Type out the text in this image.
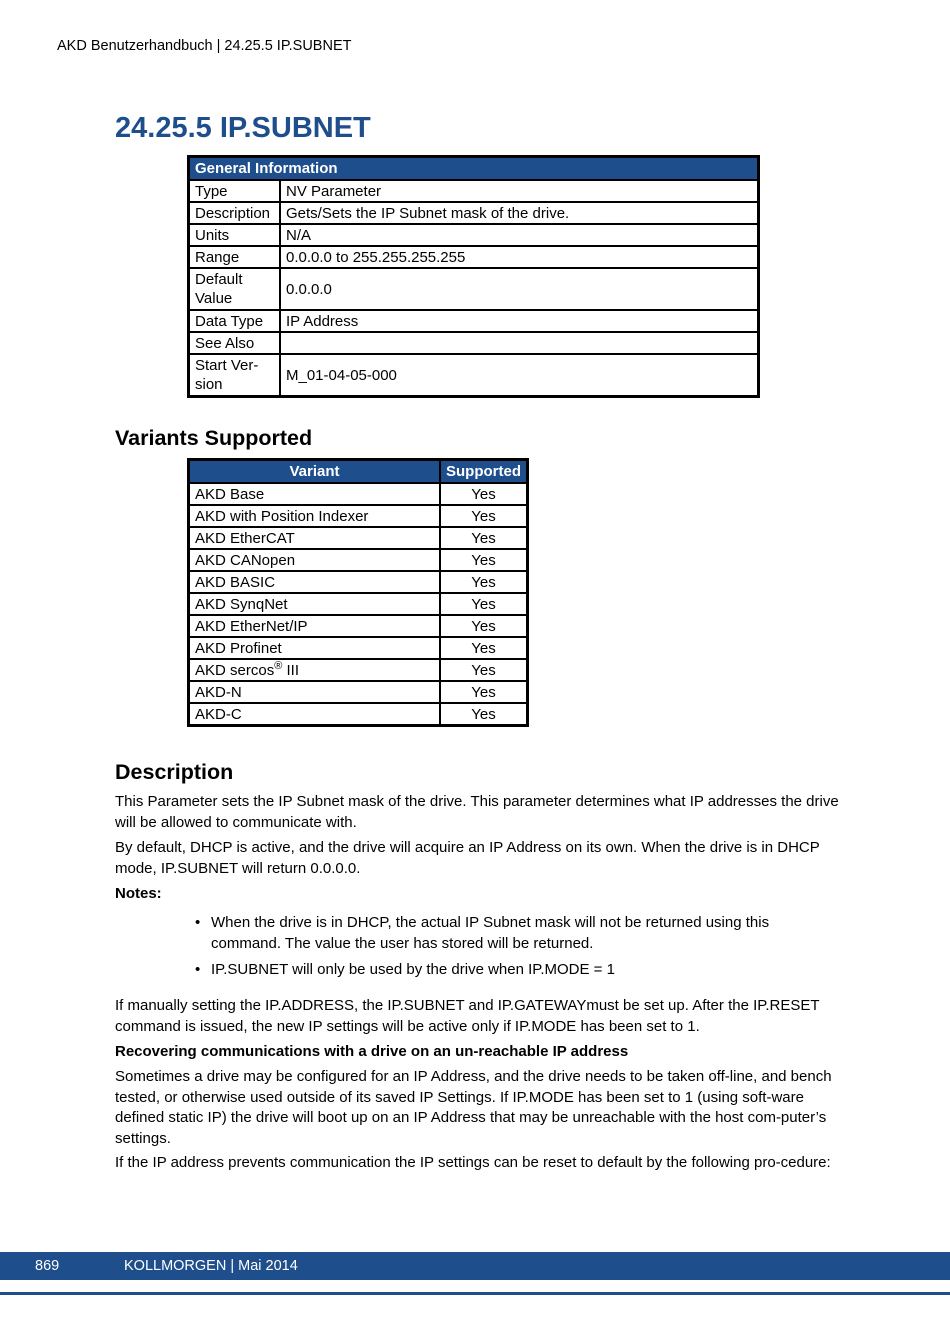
AKD Benutzerhandbuch | 24.25.5 IP.SUBNET
24.25.5 IP.SUBNET
General Information	
Type	NV Parameter
Description	Gets/Sets the IP Subnet mask of the drive.
Units	N/A
Range	0.0.0.0 to 255.255.255.255
Default Value	0.0.0.0
Data Type	IP Address
See Also	
Start Ver-sion	M_01-04-05-000
Variants Supported
Variant	Supported
AKD Base	Yes
AKD with Position Indexer	Yes
AKD EtherCAT	Yes
AKD CANopen	Yes
AKD BASIC	Yes
AKD SynqNet	Yes
AKD EtherNet/IP	Yes
AKD Profinet	Yes
AKD sercos® III	Yes
AKD-N	Yes
AKD-C	Yes
Description

This Parameter sets the IP Subnet mask of the drive. This parameter determines what IP addresses the drive will be allowed to communicate with.

By default, DHCP is active, and the drive will acquire an IP Address on its own. When the drive is in DHCP mode, IP.SUBNET will return 0.0.0.0.

Notes:

• When the drive is in DHCP, the actual IP Subnet mask will not be returned using this command. The value the user has stored will be returned.
• IP.SUBNET will only be used by the drive when IP.MODE = 1

If manually setting the IP.ADDRESS, the IP.SUBNET and IP.GATEWAYmust be set up. After the IP.RESET command is issued, the new IP settings will be active only if IP.MODE has been set to 1.

Recovering communications with a drive on an un-reachable IP address

Sometimes a drive may be configured for an IP Address, and the drive needs to be taken off-line, and bench tested, or otherwise used outside of its saved IP Settings. If IP.MODE has been set to 1 (using soft-ware defined static IP) the drive will boot up on an IP Address that may be unreachable with the host com-puter’s settings.

If the IP address prevents communication the IP settings can be reset to default by the following pro-cedure:

869	KOLLMORGEN | Mai 2014
